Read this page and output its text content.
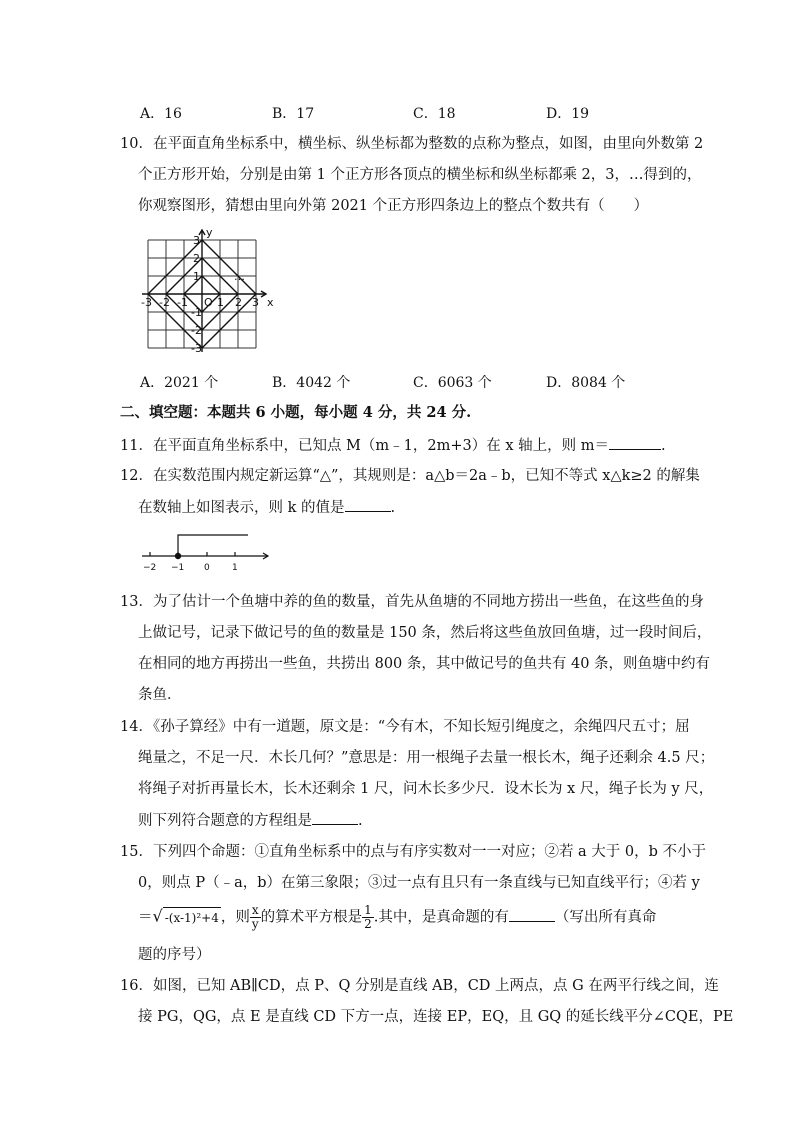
A．16	B．17	C．18	D．19
10．在平面直角坐标系中，横坐标、纵坐标都为整数的点称为整点，如图，由里向外数第 2
个正方形开始，分别是由第 1 个正方形各顶点的横坐标和纵坐标都乘 2，3，…得到的，
你观察图形，猜想由里向外第 2021 个正方形四条边上的整点个数共有（　　）
y
x
-3 -2 -1	1 2 3
3
2
1
-1
-2
-3
O
…
A．2021 个	B．4042 个	C．6063 个	D．8084 个
二、填空题：本题共 6 小题，每小题 4 分，共 24 分.
11．在平面直角坐标系中，已知点 M（m﹣1，2m+3）在 x 轴上，则 m＝	.
12．在实数范围内规定新运算“△”，其规则是：a△b＝2a﹣b，已知不等式 x△k≥2 的解集
在数轴上如图表示，则 k 的值是	.
−2 −1 0 1
13．为了估计一个鱼塘中养的鱼的数量，首先从鱼塘的不同地方捞出一些鱼，在这些鱼的身
上做记号，记录下做记号的鱼的数量是 150 条，然后将这些鱼放回鱼塘，过一段时间后，
在相同的地方再捞出一些鱼，共捞出 800 条，其中做记号的鱼共有 40 条，则鱼塘中约有
条鱼．
14．《孙子算经》中有一道题，原文是：“今有木，不知长短引绳度之，余绳四尺五寸；屈
绳量之，不足一尺．木长几何？”意思是：用一根绳子去量一根长木，绳子还剩余 4.5 尺；
将绳子对折再量长木，长木还剩余 1 尺，问木长多少尺．设木长为 x 尺，绳子长为 y 尺，
则下列符合题意的方程组是	.
15．下列四个命题：①直角坐标系中的点与有序实数对一一对应；②若 a 大于 0，b 不小于
0，则点 P（﹣a，b）在第三象限；③过一点有且只有一条直线与已知直线平行；④若 y
＝√ -(x-1)²+4 ，则 $\frac{x}{y}$ 的算术平方根是 $\frac{1}{2}$ .其中，是真命题的有	（写出所有真命
题的序号）
16．如图，已知 AB∥CD，点 P、Q 分别是直线 AB，CD 上两点，点 G 在两平行线之间，连
接 PG，QG，点 E 是直线 CD 下方一点，连接 EP，EQ，且 GQ 的延长线平分∠CQE，PE
